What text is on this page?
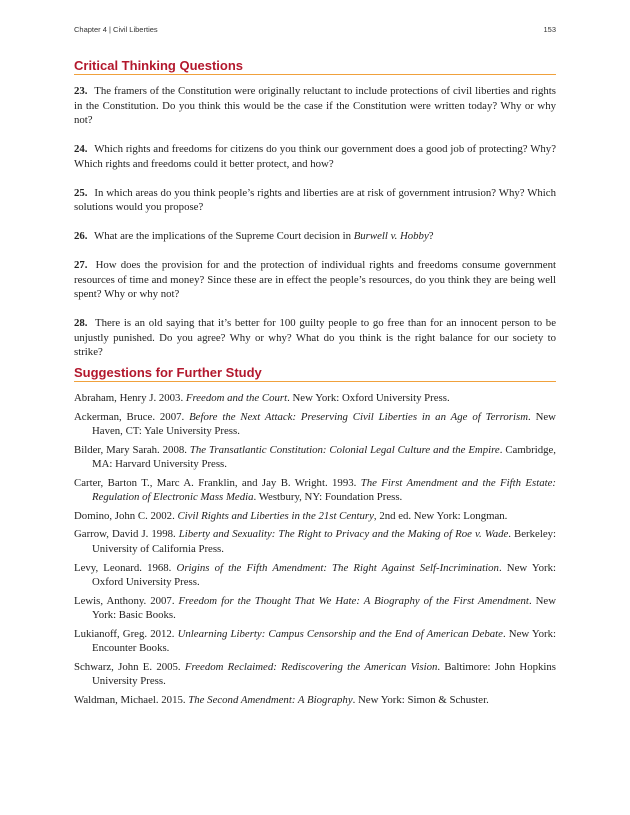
Chapter 4 | Civil Liberties	153
Critical Thinking Questions

23. The framers of the Constitution were originally reluctant to include protections of civil liberties and rights in the Constitution. Do you think this would be the case if the Constitution were written today? Why or why not?

24. Which rights and freedoms for citizens do you think our government does a good job of protecting? Why? Which rights and freedoms could it better protect, and how?

25. In which areas do you think people’s rights and liberties are at risk of government intrusion? Why? Which solutions would you propose?

26. What are the implications of the Supreme Court decision in Burwell v. Hobby?

27. How does the provision for and the protection of individual rights and freedoms consume government resources of time and money? Since these are in effect the people’s resources, do you think they are being well spent? Why or why not?

28. There is an old saying that it’s better for 100 guilty people to go free than for an innocent person to be unjustly punished. Do you agree? Why or why? What do you think is the right balance for our society to strike?

Suggestions for Further Study

Abraham, Henry J. 2003. Freedom and the Court. New York: Oxford University Press.

Ackerman, Bruce. 2007. Before the Next Attack: Preserving Civil Liberties in an Age of Terrorism. New Haven, CT: Yale University Press.

Bilder, Mary Sarah. 2008. The Transatlantic Constitution: Colonial Legal Culture and the Empire. Cambridge, MA: Harvard University Press.

Carter, Barton T., Marc A. Franklin, and Jay B. Wright. 1993. The First Amendment and the Fifth Estate: Regulation of Electronic Mass Media. Westbury, NY: Foundation Press.

Domino, John C. 2002. Civil Rights and Liberties in the 21st Century, 2nd ed. New York: Longman.

Garrow, David J. 1998. Liberty and Sexuality: The Right to Privacy and the Making of Roe v. Wade. Berkeley: University of California Press.

Levy, Leonard. 1968. Origins of the Fifth Amendment: The Right Against Self-Incrimination. New York: Oxford University Press.

Lewis, Anthony. 2007. Freedom for the Thought That We Hate: A Biography of the First Amendment. New York: Basic Books.

Lukianoff, Greg. 2012. Unlearning Liberty: Campus Censorship and the End of American Debate. New York: Encounter Books.

Schwarz, John E. 2005. Freedom Reclaimed: Rediscovering the American Vision. Baltimore: John Hopkins University Press.

Waldman, Michael. 2015. The Second Amendment: A Biography. New York: Simon & Schuster.
